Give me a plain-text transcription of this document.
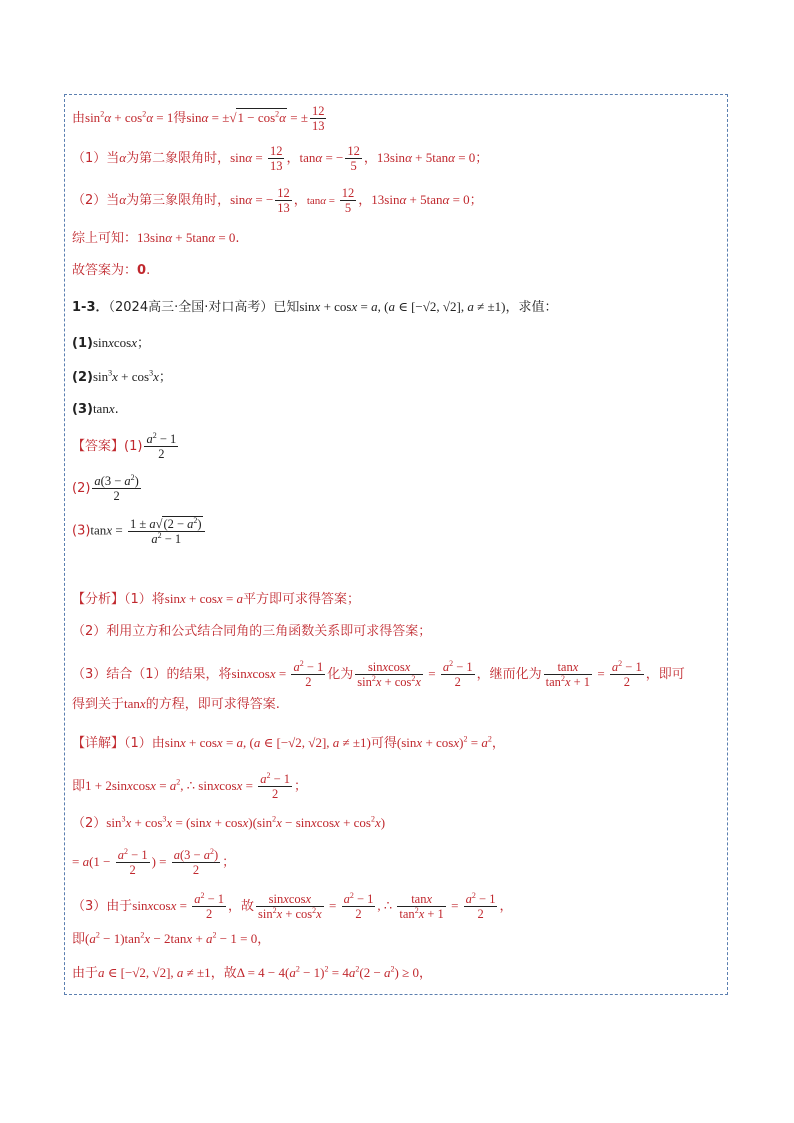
由$\sin^2\alpha + \cos^2\alpha = 1$得$\sin\alpha = \pm√1 - \cos^2\alpha$ = ± $\frac{12}{13}$
（1）当α为第二象限角时，$\sin\alpha = \frac{12}{13}$ ，tanα = − $\frac{12}{5}$ ，13sinα + 5tanα = 0；
（2）当α为第三象限角时，sinα = − $\frac{12}{13}$ ，$\tan\alpha = \frac{12}{5}$ ，13sinα + 5tanα = 0；
综上可知：13sinα + 5tanα = 0.
故答案为：0.
1-3．（2024高三·全国·对口高考）已知sinx + cosx = a, (a ∈ [−√2, √2], a ≠ ±1)，求值：
(1)sinxcosx；
$(2)\sin^3x + \cos^3x$；
(3)tanx.
【答案】$(1) \frac{a^2 - 1}{2}$
$(2) \frac{a(3 - a^2)}{2}$
$(3)\tan x = \frac{1 \pm a√(2 - a^2)}{a^2 - 1}$
【分析】（1）将sinx + cosx = a平方即可求得答案；
（2）利用立方和公式结合同角的三角函数关系即可求得答案；
（3）结合（1）的结果，将sinxcosx = $\frac{a^2 - 1}{2}$ 化为 $\frac{\text{sinxcosx}}{\sin^2x + \cos^2x} = \frac{a^2 - 1}{2}$ ，继而化为 $\frac{\tan x}{\tan^2x + 1} = \frac{a^2 - 1}{2}$ ，即可
得到关于tanx的方程，即可求得答案.
【详解】（1）由sinx + cosx = a, (a ∈ [−√2, √2], a ≠ ±1)可得$(\sin x + \cos x)^2 = a^2$，
即1 + 2sinxcosx = $a^2$, ∴ sinxcosx = $\frac{a^2 - 1}{2}$ ；
$(2)\sin^3x + \cos^3x = (\sin x + \cos x)(\sin^2x$ − sinxcosx + $\cos^2x$)
= $a(1 - \frac{a^2 - 1}{2}$ ) = $\frac{a(3 - a^2)}{2}$ ；
（3）由于sinxcosx = $\frac{a^2 - 1}{2}$ ，故 $\frac{\text{sinxcosx}}{\sin^2x + \cos^2x} = \frac{a^2 - 1}{2}$ , ∴ $\frac{\tan x}{\tan^2x + 1} = \frac{a^2 - 1}{2}$ ，
即$(a^2 - 1)\tan^2x - 2\tan x + a^2 - 1 = 0$，
由于a ∈ [−√2, √2], a ≠ ±1，故$\Delta = 4 - 4(a^2 - 1)^2 = 4a^2(2 - a^2) \ge 0$，
